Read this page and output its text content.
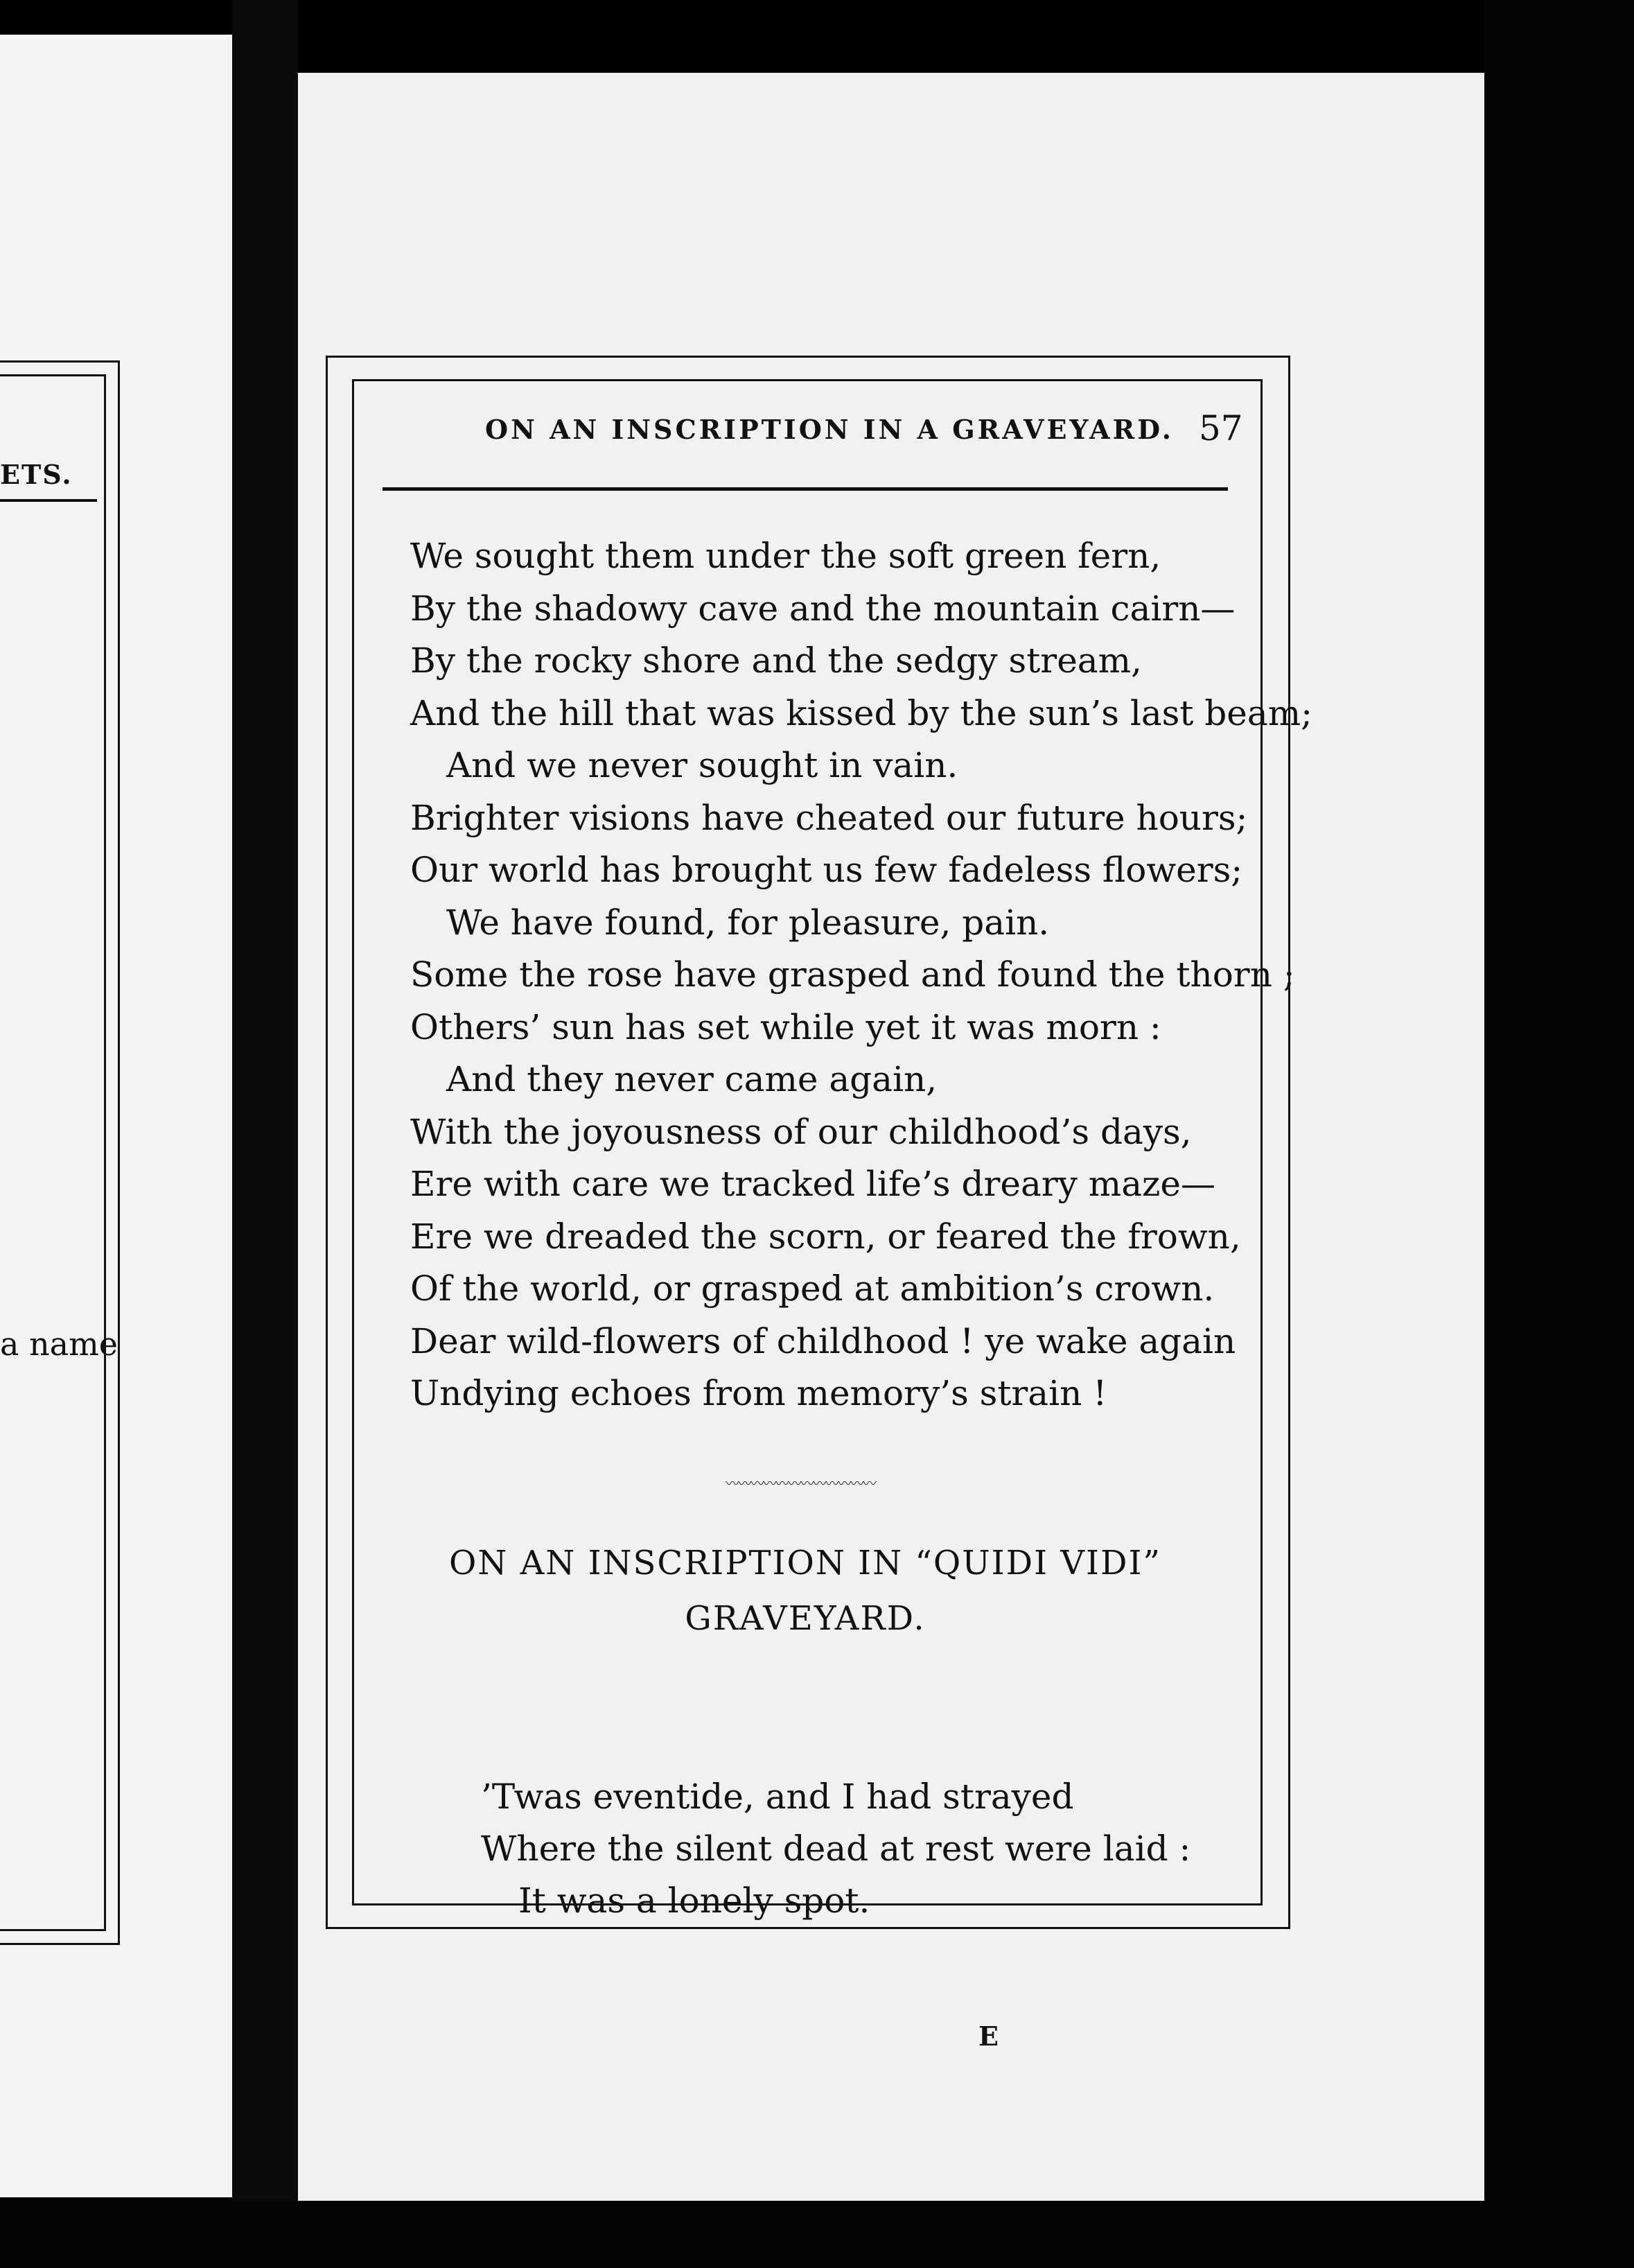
ETS.
a name
ON AN INSCRIPTION IN A GRAVEYARD. 57
We sought them under the soft green fern,
By the shadowy cave and the mountain cairn—
By the rocky shore and the sedgy stream,
And the hill that was kissed by the sun’s last beam;
And we never sought in vain.
Brighter visions have cheated our future hours;
Our world has brought us few fadeless flowers;
We have found, for pleasure, pain.
Some the rose have grasped and found the thorn ;
Others’ sun has set while yet it was morn :
And they never came again,
With the joyousness of our childhood’s days,
Ere with care we tracked life’s dreary maze—
Ere we dreaded the scorn, or feared the frown,
Of the world, or grasped at ambition’s crown.
Dear wild-flowers of childhood ! ye wake again
Undying echoes from memory’s strain !
〰〰〰〰〰〰〰〰〰〰〰〰
ON AN INSCRIPTION IN “QUIDI VIDI”
GRAVEYARD.
’Twas eventide, and I had strayed
Where the silent dead at rest were laid :
It was a lonely spot.
E
